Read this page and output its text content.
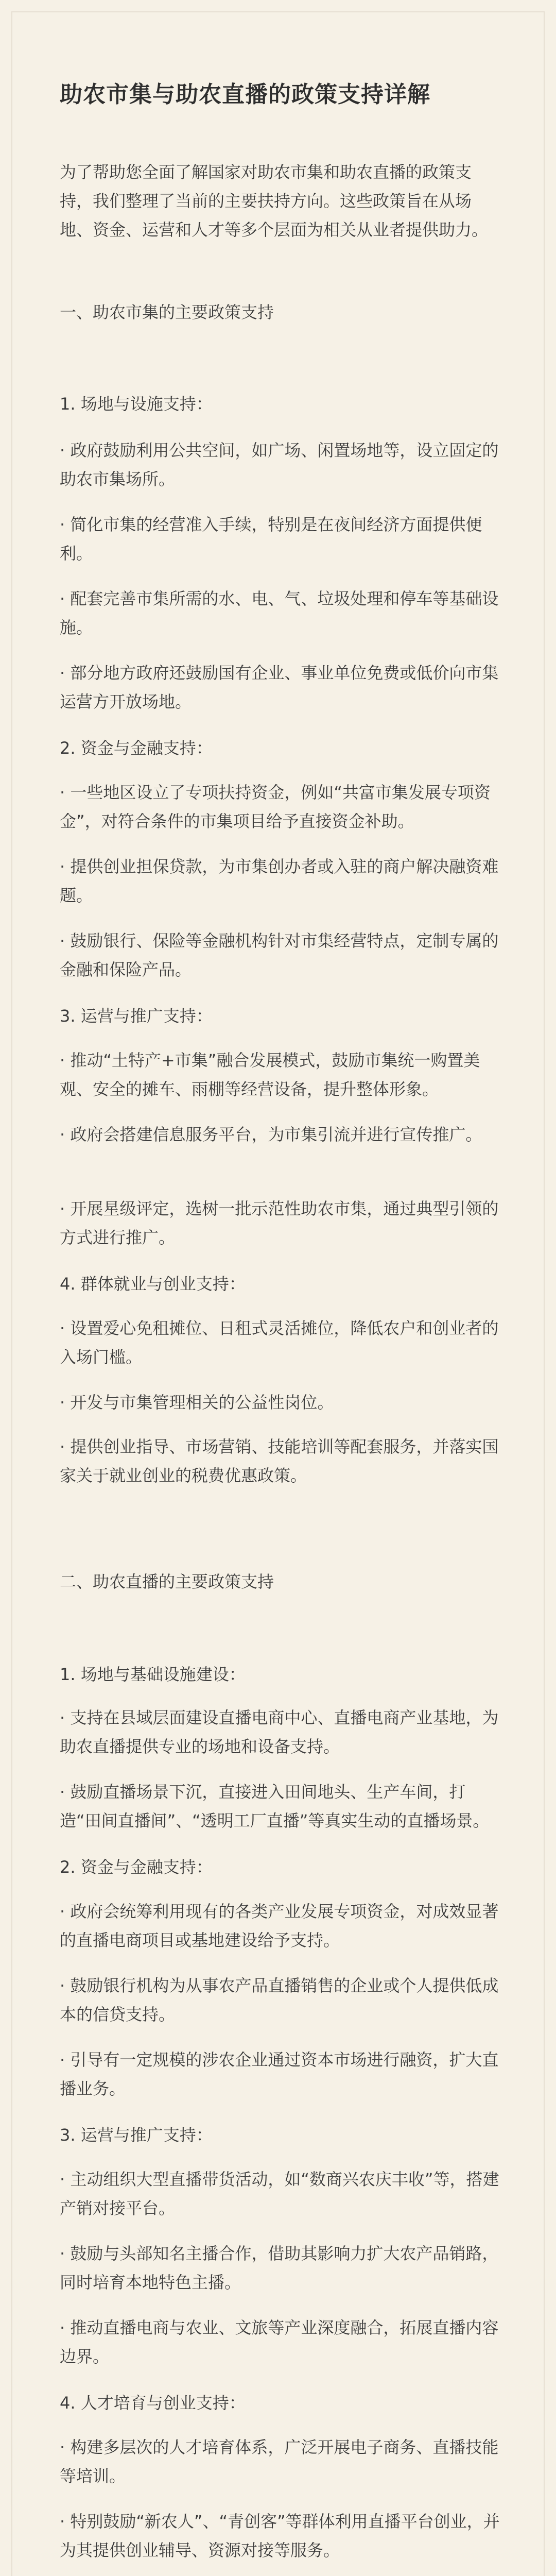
助农市集与助农直播的政策支持详解

为了帮助您全面了解国家对助农市集和助农直播的政策支持，我们整理了当前的主要扶持方向。这些政策旨在从场地、资金、运营和人才等多个层面为相关从业者提供助力。

一、助农市集的主要政策支持

1. 场地与设施支持：

· 政府鼓励利用公共空间，如广场、闲置场地等，设立固定的助农市集场所。

· 简化市集的经营准入手续，特别是在夜间经济方面提供便利。

· 配套完善市集所需的水、电、气、垃圾处理和停车等基础设施。

· 部分地方政府还鼓励国有企业、事业单位免费或低价向市集运营方开放场地。

2. 资金与金融支持：

· 一些地区设立了专项扶持资金，例如“共富市集发展专项资金”，对符合条件的市集项目给予直接资金补助。

· 提供创业担保贷款，为市集创办者或入驻的商户解决融资难题。

· 鼓励银行、保险等金融机构针对市集经营特点，定制专属的金融和保险产品。

3. 运营与推广支持：

· 推动“土特产+市集”融合发展模式，鼓励市集统一购置美观、安全的摊车、雨棚等经营设备，提升整体形象。

· 政府会搭建信息服务平台，为市集引流并进行宣传推广。

· 开展星级评定，选树一批示范性助农市集，通过典型引领的方式进行推广。

4. 群体就业与创业支持：

· 设置爱心免租摊位、日租式灵活摊位，降低农户和创业者的入场门槛。

· 开发与市集管理相关的公益性岗位。

· 提供创业指导、市场营销、技能培训等配套服务，并落实国家关于就业创业的税费优惠政策。

二、助农直播的主要政策支持

1. 场地与基础设施建设：

· 支持在县域层面建设直播电商中心、直播电商产业基地，为助农直播提供专业的场地和设备支持。

· 鼓励直播场景下沉，直接进入田间地头、生产车间，打造“田间直播间”、“透明工厂直播”等真实生动的直播场景。

2. 资金与金融支持：

· 政府会统筹利用现有的各类产业发展专项资金，对成效显著的直播电商项目或基地建设给予支持。

· 鼓励银行机构为从事农产品直播销售的企业或个人提供低成本的信贷支持。

· 引导有一定规模的涉农企业通过资本市场进行融资，扩大直播业务。

3. 运营与推广支持：

· 主动组织大型直播带货活动，如“数商兴农庆丰收”等，搭建产销对接平台。

· 鼓励与头部知名主播合作，借助其影响力扩大农产品销路，同时培育本地特色主播。

· 推动直播电商与农业、文旅等产业深度融合，拓展直播内容边界。

4. 人才培育与创业支持：

· 构建多层次的人才培育体系，广泛开展电子商务、直播技能等培训。

· 特别鼓励“新农人”、“青创客”等群体利用直播平台创业，并为其提供创业辅导、资源对接等服务。
